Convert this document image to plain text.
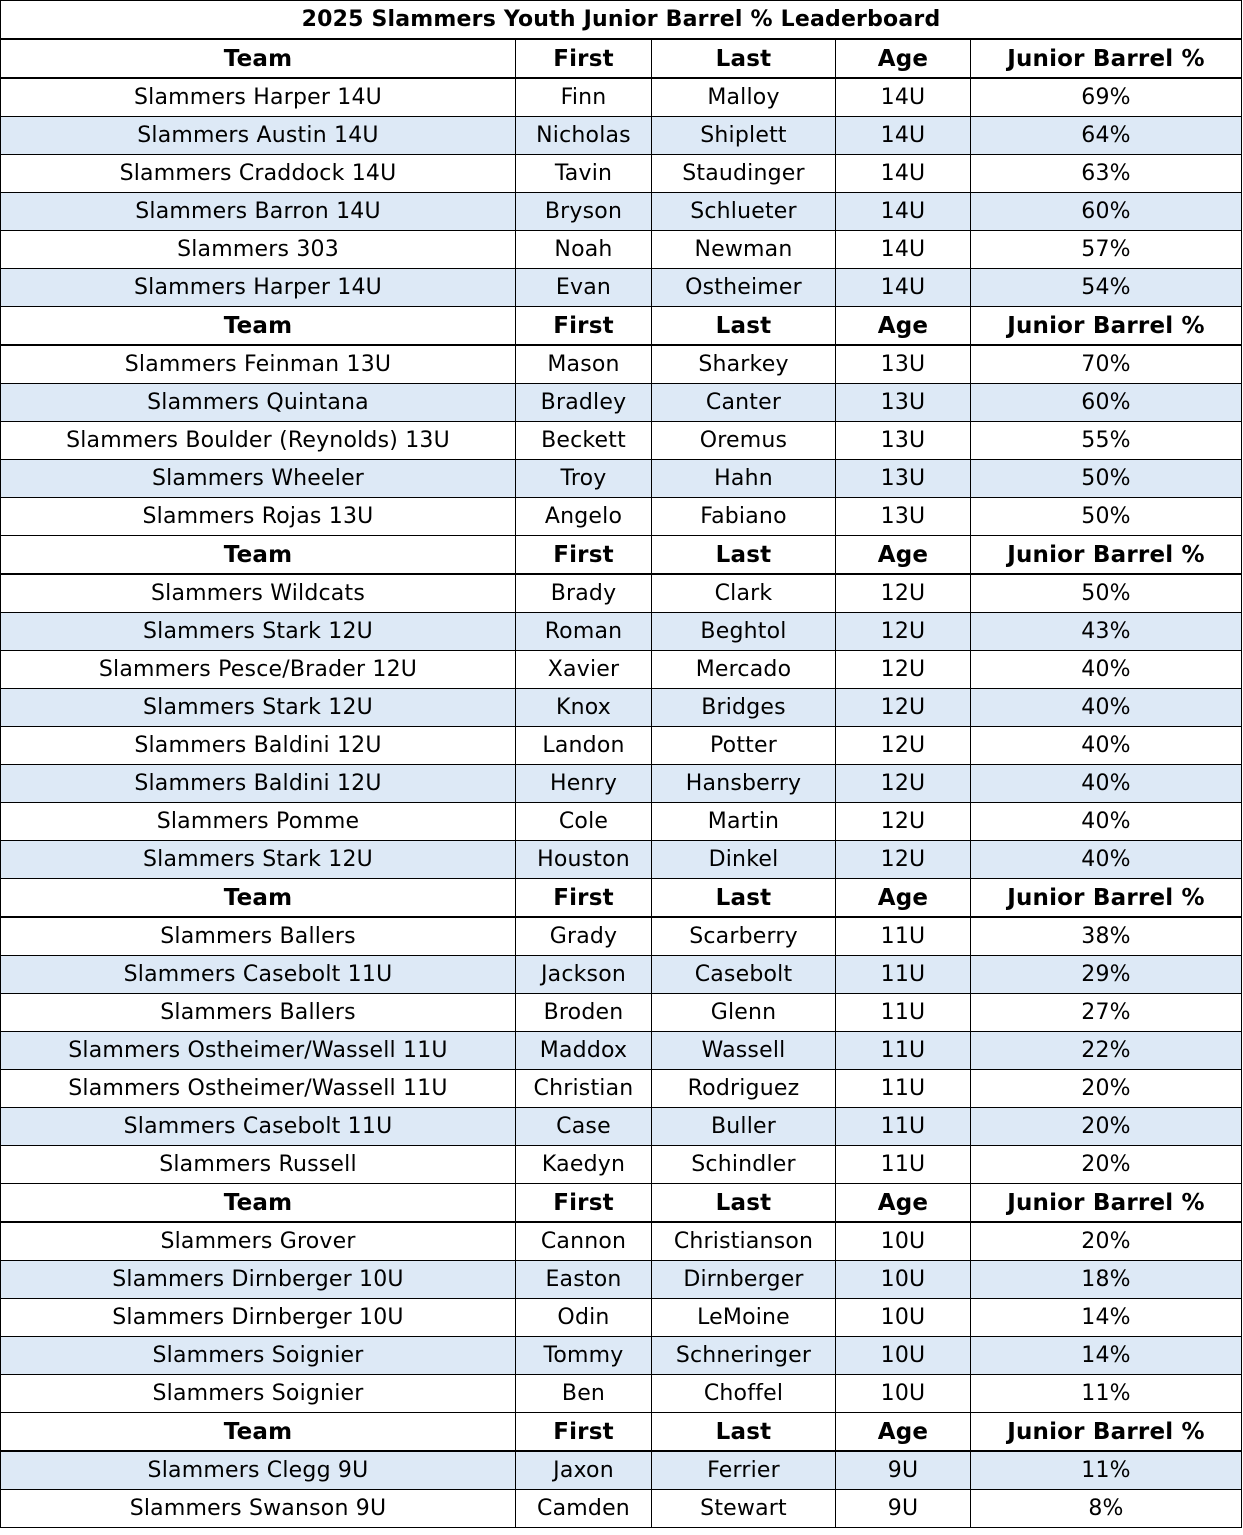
2025 Slammers Youth Junior Barrel % Leaderboard				
Team	First	Last	Age	Junior Barrel %
Slammers Harper 14U	Finn	Malloy	14U	69%
Slammers Austin 14U	Nicholas	Shiplett	14U	64%
Slammers Craddock 14U	Tavin	Staudinger	14U	63%
Slammers Barron 14U	Bryson	Schlueter	14U	60%
Slammers 303	Noah	Newman	14U	57%
Slammers Harper 14U	Evan	Ostheimer	14U	54%
Team	First	Last	Age	Junior Barrel %
Slammers Feinman 13U	Mason	Sharkey	13U	70%
Slammers Quintana	Bradley	Canter	13U	60%
Slammers Boulder (Reynolds) 13U	Beckett	Oremus	13U	55%
Slammers Wheeler	Troy	Hahn	13U	50%
Slammers Rojas 13U	Angelo	Fabiano	13U	50%
Team	First	Last	Age	Junior Barrel %
Slammers Wildcats	Brady	Clark	12U	50%
Slammers Stark 12U	Roman	Beghtol	12U	43%
Slammers Pesce/Brader 12U	Xavier	Mercado	12U	40%
Slammers Stark 12U	Knox	Bridges	12U	40%
Slammers Baldini 12U	Landon	Potter	12U	40%
Slammers Baldini 12U	Henry	Hansberry	12U	40%
Slammers Pomme	Cole	Martin	12U	40%
Slammers Stark 12U	Houston	Dinkel	12U	40%
Team	First	Last	Age	Junior Barrel %
Slammers Ballers	Grady	Scarberry	11U	38%
Slammers Casebolt 11U	Jackson	Casebolt	11U	29%
Slammers Ballers	Broden	Glenn	11U	27%
Slammers Ostheimer/Wassell 11U	Maddox	Wassell	11U	22%
Slammers Ostheimer/Wassell 11U	Christian	Rodriguez	11U	20%
Slammers Casebolt 11U	Case	Buller	11U	20%
Slammers Russell	Kaedyn	Schindler	11U	20%
Team	First	Last	Age	Junior Barrel %
Slammers Grover	Cannon	Christianson	10U	20%
Slammers Dirnberger 10U	Easton	Dirnberger	10U	18%
Slammers Dirnberger 10U	Odin	LeMoine	10U	14%
Slammers Soignier	Tommy	Schneringer	10U	14%
Slammers Soignier	Ben	Choffel	10U	11%
Team	First	Last	Age	Junior Barrel %
Slammers Clegg 9U	Jaxon	Ferrier	9U	11%
Slammers Swanson 9U	Camden	Stewart	9U	8%
